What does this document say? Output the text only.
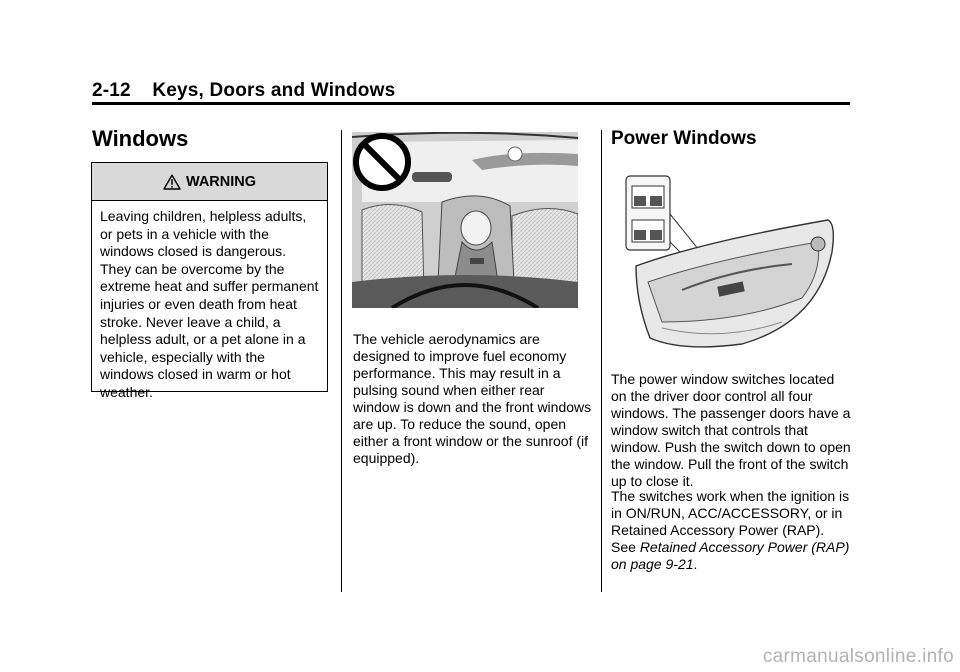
2-12 Keys, Doors and Windows
Windows
WARNING
Leaving children, helpless adults, or pets in a vehicle with the windows closed is dangerous. They can be overcome by the extreme heat and suffer permanent injuries or even death from heat stroke. Never leave a child, a helpless adult, or a pet alone in a vehicle, especially with the windows closed in warm or hot weather.

The vehicle aerodynamics are designed to improve fuel economy performance. This may result in a pulsing sound when either rear window is down and the front windows are up. To reduce the sound, open either a front window or the sunroof (if equipped).

Power Windows

The power window switches located on the driver door control all four windows. The passenger doors have a window switch that controls that window. Push the switch down to open the window. Pull the front of the switch up to close it.

The switches work when the ignition is in ON/RUN, ACC/ACCESSORY, or in Retained Accessory Power (RAP). See Retained Accessory Power (RAP) on page 9-21.

carmanualsonline.info
